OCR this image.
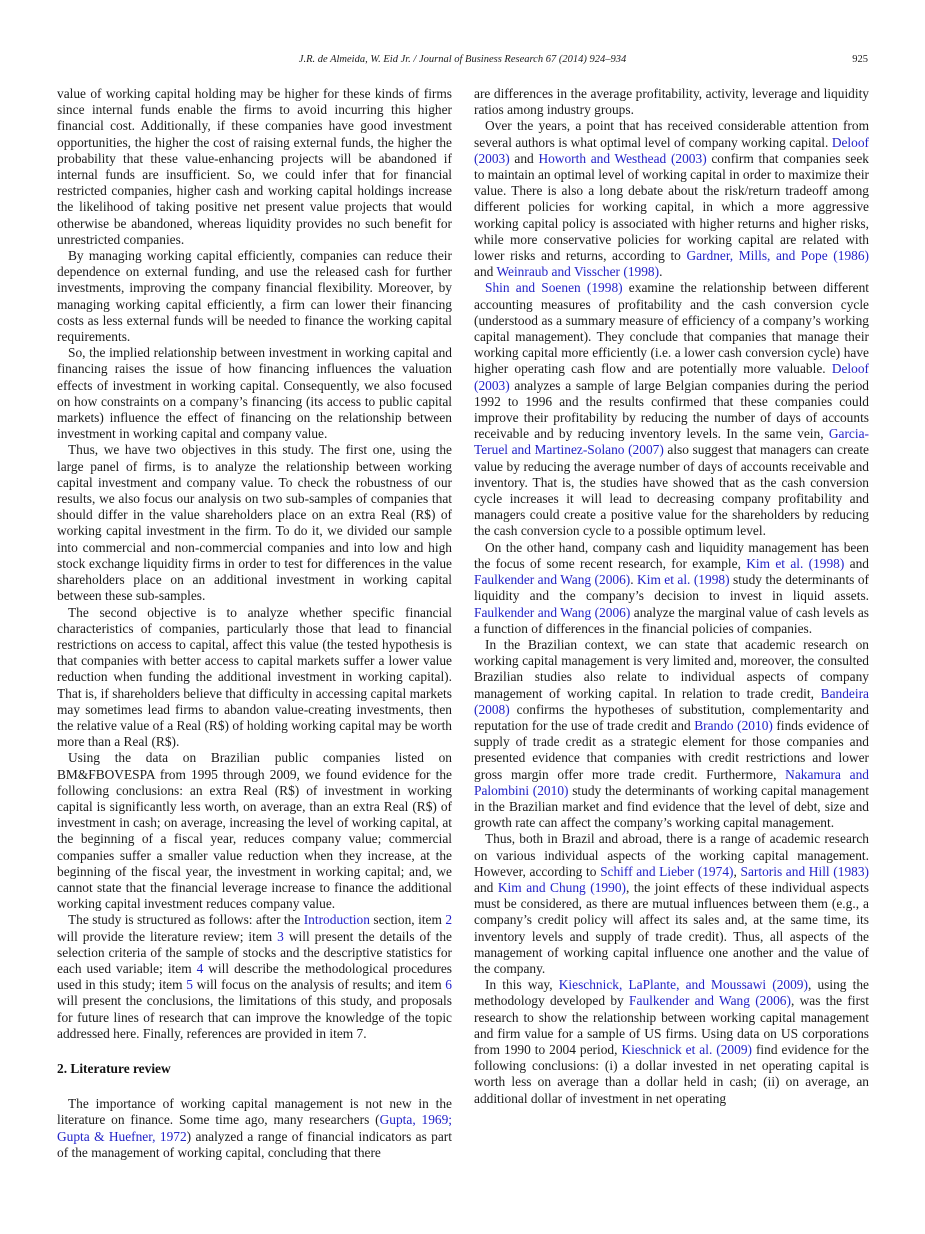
J.R. de Almeida, W. Eid Jr. / Journal of Business Research 67 (2014) 924–934	925

value of working capital holding may be higher for these kinds of firms since internal funds enable the firms to avoid incurring this higher financial cost. Additionally, if these companies have good investment opportunities, the higher the cost of raising external funds, the higher the probability that these value-enhancing projects will be abandoned if internal funds are insufficient. So, we could infer that for financial restricted companies, higher cash and working capital holdings increase the likelihood of taking positive net present value projects that would otherwise be abandoned, whereas liquidity provides no such benefit for unrestricted companies.

By managing working capital efficiently, companies can reduce their dependence on external funding, and use the released cash for further investments, improving the company financial flexibility. Moreover, by managing working capital efficiently, a firm can lower their financing costs as less external funds will be needed to finance the working capital requirements.

So, the implied relationship between investment in working capital and financing raises the issue of how financing influences the valuation effects of investment in working capital. Consequently, we also focused on how constraints on a company’s financing (its access to public capital markets) influence the effect of financing on the relationship between investment in working capital and company value.

Thus, we have two objectives in this study. The first one, using the large panel of firms, is to analyze the relationship between working capital investment and company value. To check the robustness of our results, we also focus our analysis on two sub-samples of companies that should differ in the value shareholders place on an extra Real (R$) of working capital investment in the firm. To do it, we divided our sample into commercial and non-commercial companies and into low and high stock exchange liquidity firms in order to test for differences in the value shareholders place on an additional investment in working capital between these sub-samples.

The second objective is to analyze whether specific financial characteristics of companies, particularly those that lead to financial restrictions on access to capital, affect this value (the tested hypothesis is that companies with better access to capital markets suffer a lower value reduction when funding the additional investment in working capital). That is, if shareholders believe that difficulty in accessing capital markets may sometimes lead firms to abandon value-creating investments, then the relative value of a Real (R$) of holding working capital may be worth more than a Real (R$).

Using the data on Brazilian public companies listed on BM&FBOVESPA from 1995 through 2009, we found evidence for the following conclusions: an extra Real (R$) of investment in working capital is significantly less worth, on average, than an extra Real (R$) of investment in cash; on average, increasing the level of working capital, at the beginning of a fiscal year, reduces company value; commercial companies suffer a smaller value reduction when they increase, at the beginning of the fiscal year, the investment in working capital; and, we cannot state that the financial leverage increase to finance the additional working capital investment reduces company value.

The study is structured as follows: after the Introduction section, item 2 will provide the literature review; item 3 will present the details of the selection criteria of the sample of stocks and the descriptive statistics for each used variable; item 4 will describe the methodological procedures used in this study; item 5 will focus on the analysis of results; and item 6 will present the conclusions, the limitations of this study, and proposals for future lines of research that can improve the knowledge of the topic addressed here. Finally, references are provided in item 7.

2. Literature review

The importance of working capital management is not new in the literature on finance. Some time ago, many researchers (Gupta, 1969; Gupta & Huefner, 1972) analyzed a range of financial indicators as part of the management of working capital, concluding that there

are differences in the average profitability, activity, leverage and liquidity ratios among industry groups.

Over the years, a point that has received considerable attention from several authors is what optimal level of company working capital. Deloof (2003) and Howorth and Westhead (2003) confirm that companies seek to maintain an optimal level of working capital in order to maximize their value. There is also a long debate about the risk/return tradeoff among different policies for working capital, in which a more aggressive working capital policy is associated with higher returns and higher risks, while more conservative policies for working capital are related with lower risks and returns, according to Gardner, Mills, and Pope (1986) and Weinraub and Visscher (1998).

Shin and Soenen (1998) examine the relationship between different accounting measures of profitability and the cash conversion cycle (understood as a summary measure of efficiency of a company’s working capital management). They conclude that companies that manage their working capital more efficiently (i.e. a lower cash conversion cycle) have higher operating cash flow and are potentially more valuable. Deloof (2003) analyzes a sample of large Belgian companies during the period 1992 to 1996 and the results confirmed that these companies could improve their profitability by reducing the number of days of accounts receivable and by reducing inventory levels. In the same vein, Garcia-Teruel and Martinez-Solano (2007) also suggest that managers can create value by reducing the average number of days of accounts receivable and inventory. That is, the studies have showed that as the cash conversion cycle increases it will lead to decreasing company profitability and managers could create a positive value for the shareholders by reducing the cash conversion cycle to a possible optimum level.

On the other hand, company cash and liquidity management has been the focus of some recent research, for example, Kim et al. (1998) and Faulkender and Wang (2006). Kim et al. (1998) study the determinants of liquidity and the company’s decision to invest in liquid assets. Faulkender and Wang (2006) analyze the marginal value of cash levels as a function of differences in the financial policies of companies.

In the Brazilian context, we can state that academic research on working capital management is very limited and, moreover, the consulted Brazilian studies also relate to individual aspects of company management of working capital. In relation to trade credit, Bandeira (2008) confirms the hypotheses of substitution, complementarity and reputation for the use of trade credit and Brando (2010) finds evidence of supply of trade credit as a strategic element for those companies and presented evidence that companies with credit restrictions and lower gross margin offer more trade credit. Furthermore, Nakamura and Palombini (2010) study the determinants of working capital management in the Brazilian market and find evidence that the level of debt, size and growth rate can affect the company’s working capital management.

Thus, both in Brazil and abroad, there is a range of academic research on various individual aspects of the working capital management. However, according to Schiff and Lieber (1974), Sartoris and Hill (1983) and Kim and Chung (1990), the joint effects of these individual aspects must be considered, as there are mutual influences between them (e.g., a company’s credit policy will affect its sales and, at the same time, its inventory levels and supply of trade credit). Thus, all aspects of the management of working capital influence one another and the value of the company.

In this way, Kieschnick, LaPlante, and Moussawi (2009), using the methodology developed by Faulkender and Wang (2006), was the first research to show the relationship between working capital management and firm value for a sample of US firms. Using data on US corporations from 1990 to 2004 period, Kieschnick et al. (2009) find evidence for the following conclusions: (i) a dollar invested in net operating capital is worth less on average than a dollar held in cash; (ii) on average, an additional dollar of investment in net operating
